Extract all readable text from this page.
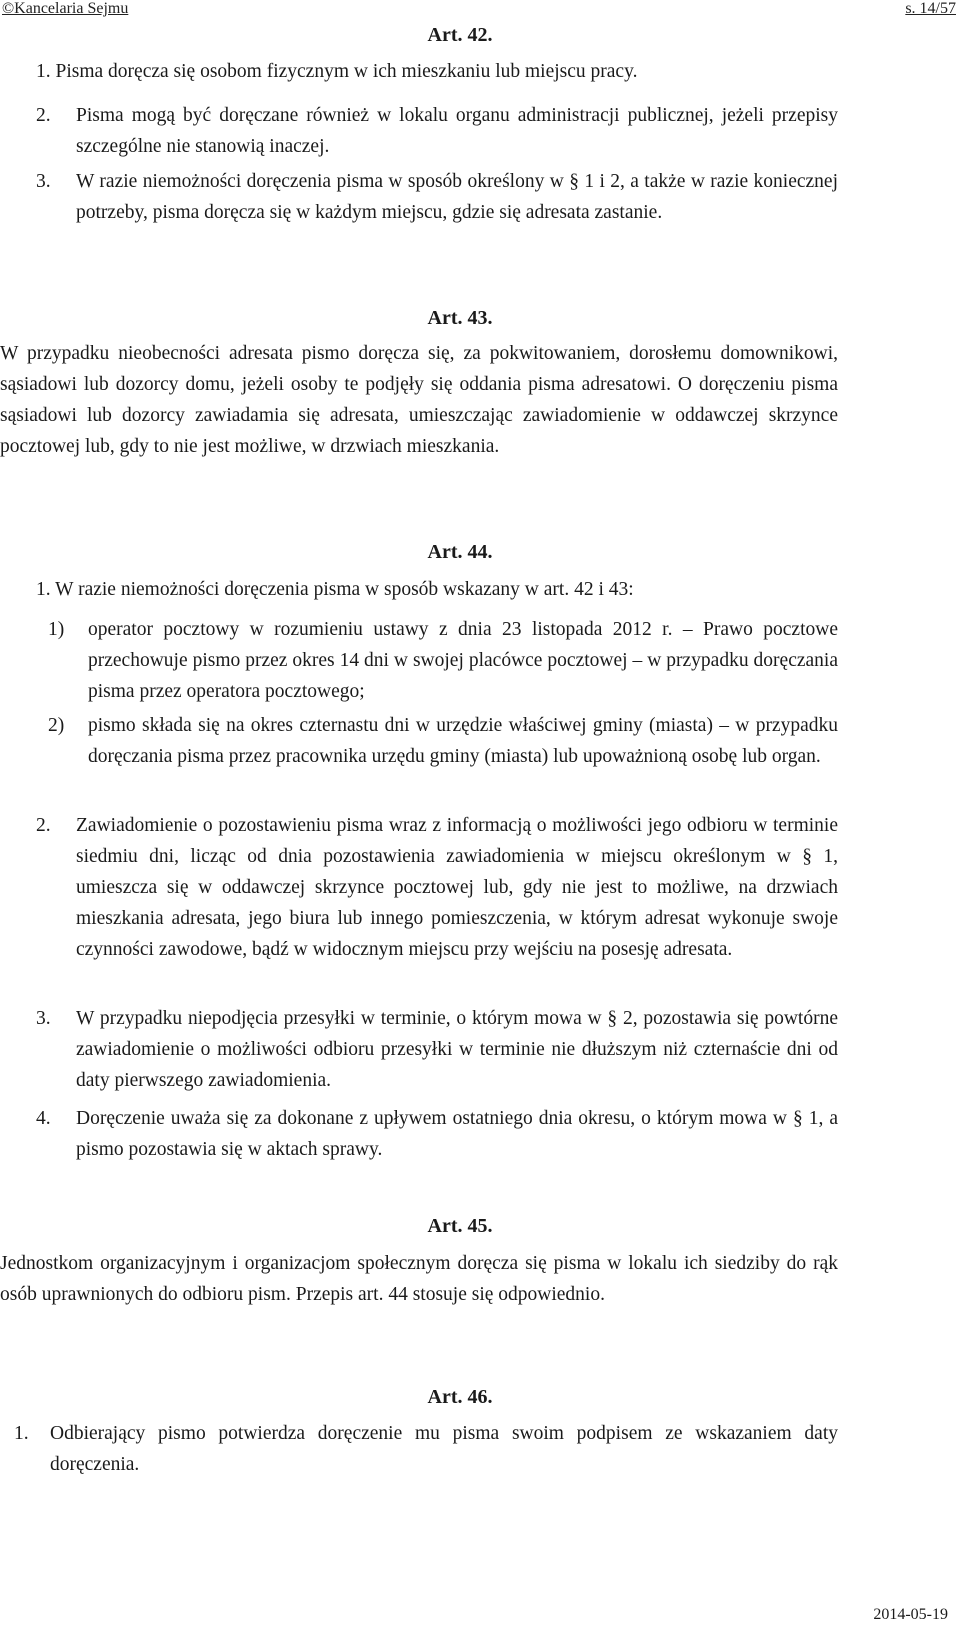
©Kancelaria Sejmu	s. 14/57
Art. 42.
1. Pisma doręcza się osobom fizycznym w ich mieszkaniu lub miejscu pracy.
2. Pisma mogą być doręczane również w lokalu organu administracji publicznej, jeżeli przepisy szczególne nie stanowią inaczej.
3. W razie niemożności doręczenia pisma w sposób określony w § 1 i 2, a także w razie koniecznej potrzeby, pisma doręcza się w każdym miejscu, gdzie się adresata zastanie.
Art. 43.
W przypadku nieobecności adresata pismo doręcza się, za pokwitowaniem, dorosłemu domownikowi, sąsiadowi lub dozorcy domu, jeżeli osoby te podjęły się oddania pisma adresatowi. O doręczeniu pisma sąsiadowi lub dozorcy zawiadamia się adresata, umieszczając zawiadomienie w oddawczej skrzynce pocztowej lub, gdy to nie jest możliwe, w drzwiach mieszkania.
Art. 44.
1. W razie niemożności doręczenia pisma w sposób wskazany w art. 42 i 43:
1) operator pocztowy w rozumieniu ustawy z dnia 23 listopada 2012 r. – Prawo pocztowe przechowuje pismo przez okres 14 dni w swojej placówce pocztowej – w przypadku doręczania pisma przez operatora pocztowego;
2) pismo składa się na okres czternastu dni w urzędzie właściwej gminy (miasta) – w przypadku doręczania pisma przez pracownika urzędu gminy (miasta) lub upoważnioną osobę lub organ.
2. Zawiadomienie o pozostawieniu pisma wraz z informacją o możliwości jego odbioru w terminie siedmiu dni, licząc od dnia pozostawienia zawiadomienia w miejscu określonym w § 1, umieszcza się w oddawczej skrzynce pocztowej lub, gdy nie jest to możliwe, na drzwiach mieszkania adresata, jego biura lub innego pomieszczenia, w którym adresat wykonuje swoje czynności zawodowe, bądź w widocznym miejscu przy wejściu na posesję adresata.
3. W przypadku niepodjęcia przesyłki w terminie, o którym mowa w § 2, pozostawia się powtórne zawiadomienie o możliwości odbioru przesyłki w terminie nie dłuższym niż czternaście dni od daty pierwszego zawiadomienia.
4. Doręczenie uważa się za dokonane z upływem ostatniego dnia okresu, o którym mowa w § 1, a pismo pozostawia się w aktach sprawy.
Art. 45.
Jednostkom organizacyjnym i organizacjom społecznym doręcza się pisma w lokalu ich siedziby do rąk osób uprawnionych do odbioru pism. Przepis art. 44 stosuje się odpowiednio.
Art. 46.
1. Odbierający pismo potwierdza doręczenie mu pisma swoim podpisem ze wskazaniem daty doręczenia.
2014-05-19
